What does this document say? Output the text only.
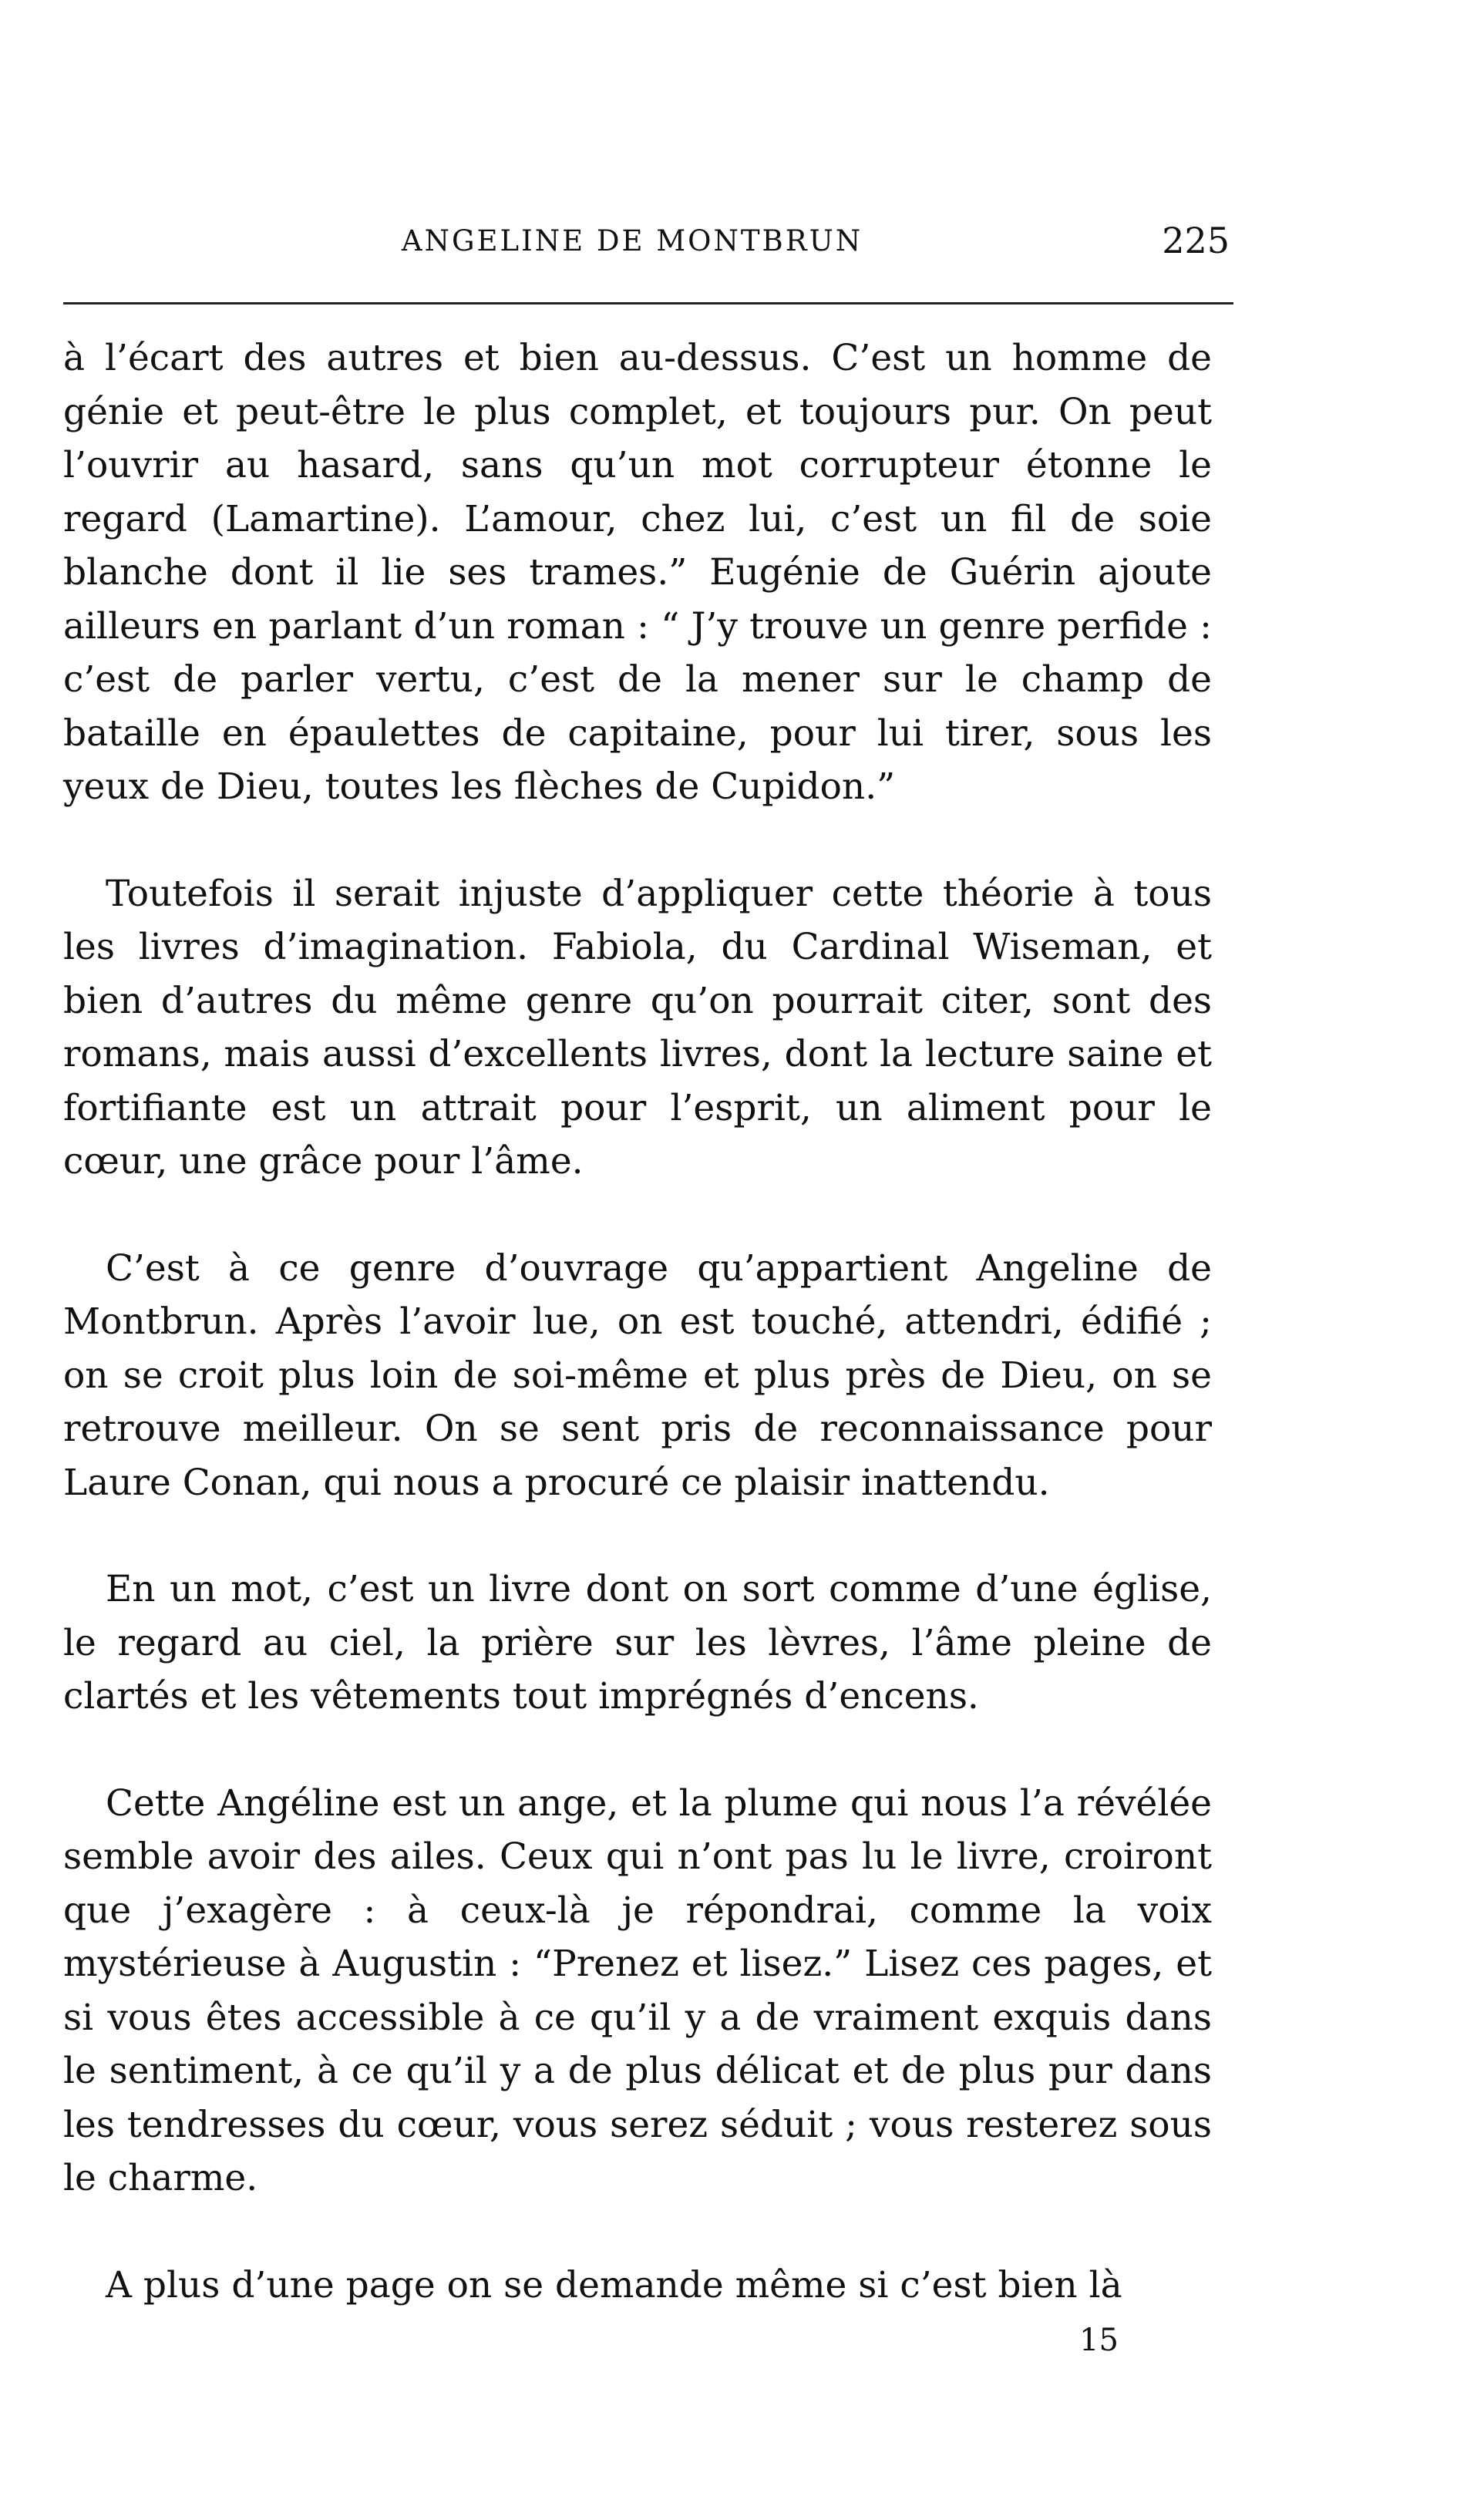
ANGELINE DE MONTBRUN	225

à l’écart des autres et bien au-dessus. C’est un homme de génie et peut-être le plus complet, et toujours pur. On peut l’ouvrir au hasard, sans qu’un mot corrupteur étonne le regard (Lamartine). L’amour, chez lui, c’est un fil de soie blanche dont il lie ses trames.” Eugénie de Guérin ajoute ailleurs en parlant d’un roman : “ J’y trouve un genre perfide : c’est de parler vertu, c’est de la mener sur le champ de bataille en épaulettes de capitaine, pour lui tirer, sous les yeux de Dieu, toutes les flèches de Cupidon.”

Toutefois il serait injuste d’appliquer cette théorie à tous les livres d’imagination. Fabiola, du Cardinal Wiseman, et bien d’autres du même genre qu’on pourrait citer, sont des romans, mais aussi d’excellents livres, dont la lecture saine et fortifiante est un attrait pour l’esprit, un aliment pour le cœur, une grâce pour l’âme.

C’est à ce genre d’ouvrage qu’appartient Angeline de Montbrun. Après l’avoir lue, on est touché, attendri, édifié ; on se croit plus loin de soi-même et plus près de Dieu, on se retrouve meilleur. On se sent pris de reconnaissance pour Laure Conan, qui nous a procuré ce plaisir inattendu.

En un mot, c’est un livre dont on sort comme d’une église, le regard au ciel, la prière sur les lèvres, l’âme pleine de clartés et les vêtements tout imprégnés d’encens.

Cette Angéline est un ange, et la plume qui nous l’a révélée semble avoir des ailes. Ceux qui n’ont pas lu le livre, croiront que j’exagère : à ceux-là je répondrai, comme la voix mystérieuse à Augustin : “Prenez et lisez.” Lisez ces pages, et si vous êtes accessible à ce qu’il y a de vraiment exquis dans le sentiment, à ce qu’il y a de plus délicat et de plus pur dans les tendresses du cœur, vous serez séduit ; vous resterez sous le charme.

A plus d’une page on se demande même si c’est bien là

15
